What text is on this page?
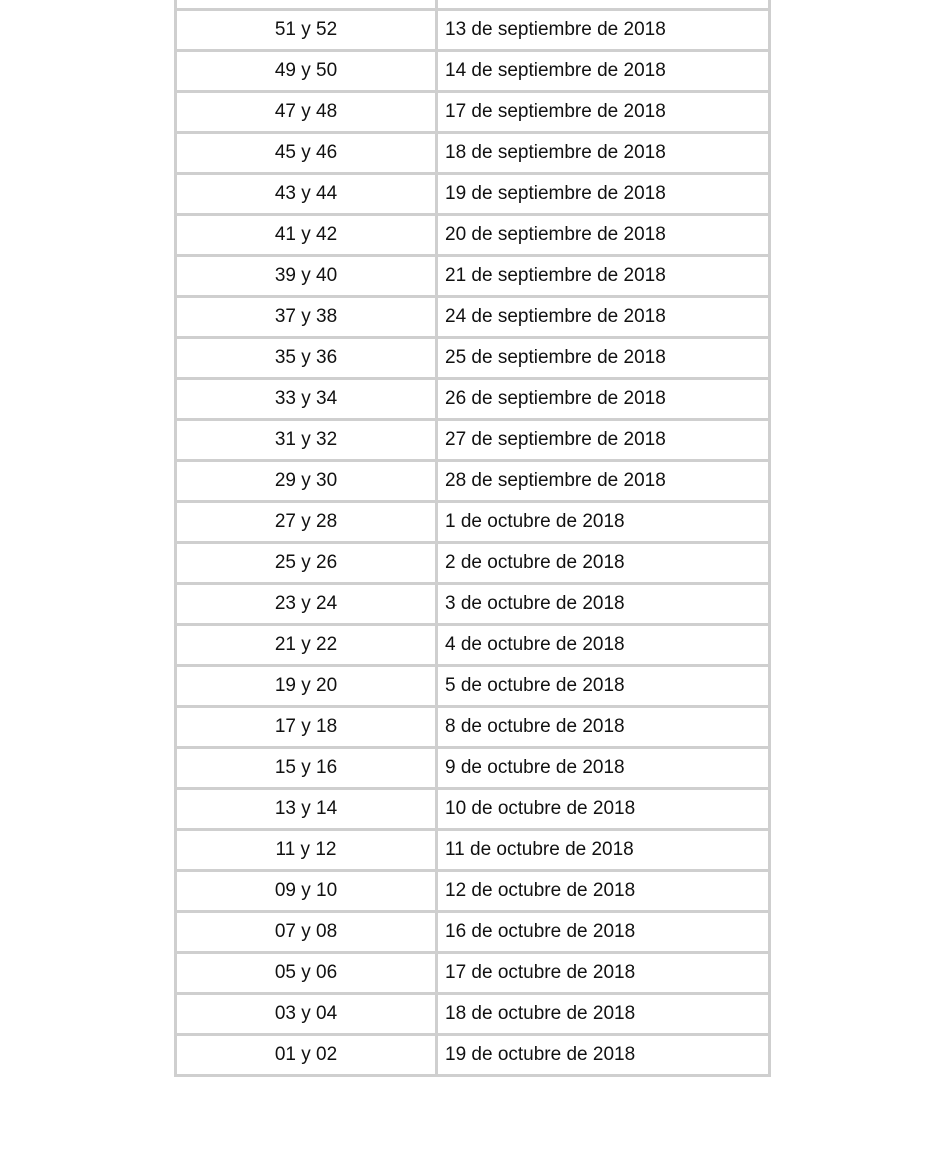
51 y 52	13 de septiembre de 2018
49 y 50	14 de septiembre de 2018
47 y 48	17 de septiembre de 2018
45 y 46	18 de septiembre de 2018
43 y 44	19 de septiembre de 2018
41 y 42	20 de septiembre de 2018
39 y 40	21 de septiembre de 2018
37 y 38	24 de septiembre de 2018
35 y 36	25 de septiembre de 2018
33 y 34	26 de septiembre de 2018
31 y 32	27 de septiembre de 2018
29 y 30	28 de septiembre de 2018
27 y 28	1 de octubre de 2018
25 y 26	2 de octubre de 2018
23 y 24	3 de octubre de 2018
21 y 22	4 de octubre de 2018
19 y 20	5 de octubre de 2018
17 y 18	8 de octubre de 2018
15 y 16	9 de octubre de 2018
13 y 14	10 de octubre de 2018
11 y 12	11 de octubre de 2018
09 y 10	12 de octubre de 2018
07 y 08	16 de octubre de 2018
05 y 06	17 de octubre de 2018
03 y 04	18 de octubre de 2018
01 y 02	19 de octubre de 2018
